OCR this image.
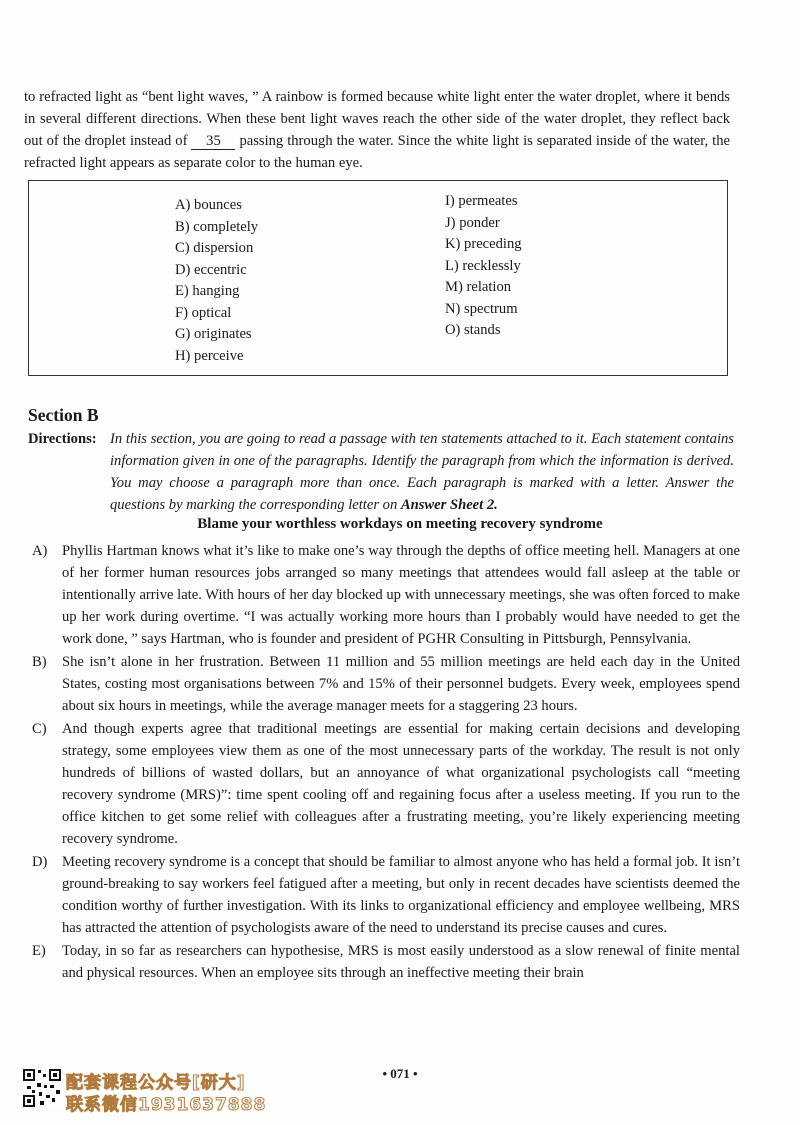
to refracted light as “bent light waves, ” A rainbow is formed because white light enter the water droplet, where it bends in several different directions. When these bent light waves reach the other side of the water droplet, they reflect back out of the droplet instead of 35 passing through the water. Since the white light is separated inside of the water, the refracted light appears as separate color to the human eye.
A) bounces
B) completely
C) dispersion
D) eccentric
E) hanging
F) optical
G) originates
H) perceive
I) permeates
J) ponder
K) preceding
L) recklessly
M) relation
N) spectrum
O) stands
Section B
Directions: In this section, you are going to read a passage with ten statements attached to it. Each statement contains information given in one of the paragraphs. Identify the paragraph from which the information is derived. You may choose a paragraph more than once. Each paragraph is marked with a letter. Answer the questions by marking the corresponding letter on Answer Sheet 2.
Blame your worthless workdays on meeting recovery syndrome
A) Phyllis Hartman knows what it’s like to make one’s way through the depths of office meeting hell. Managers at one of her former human resources jobs arranged so many meetings that attendees would fall asleep at the table or intentionally arrive late. With hours of her day blocked up with unnecessary meetings, she was often forced to make up her work during overtime. “I was actually working more hours than I probably would have needed to get the work done, ” says Hartman, who is founder and president of PGHR Consulting in Pittsburgh, Pennsylvania.
B) She isn’t alone in her frustration. Between 11 million and 55 million meetings are held each day in the United States, costing most organisations between 7% and 15% of their personnel budgets. Every week, employees spend about six hours in meetings, while the average manager meets for a staggering 23 hours.
C) And though experts agree that traditional meetings are essential for making certain decisions and developing strategy, some employees view them as one of the most unnecessary parts of the workday. The result is not only hundreds of billions of wasted dollars, but an annoyance of what organizational psychologists call “meeting recovery syndrome (MRS)”: time spent cooling off and regaining focus after a useless meeting. If you run to the office kitchen to get some relief with colleagues after a frustrating meeting, you’re likely experiencing meeting recovery syndrome.
D) Meeting recovery syndrome is a concept that should be familiar to almost anyone who has held a formal job. It isn’t ground-breaking to say workers feel fatigued after a meeting, but only in recent decades have scientists deemed the condition worthy of further investigation. With its links to organizational efficiency and employee wellbeing, MRS has attracted the attention of psychologists aware of the need to understand its precise causes and cures.
E) Today, in so far as researchers can hypothesise, MRS is most easily understood as a slow renewal of finite mental and physical resources. When an employee sits through an ineffective meeting their brain
配套课程公众号[研大]
联系微信1931637888
• 071 •
